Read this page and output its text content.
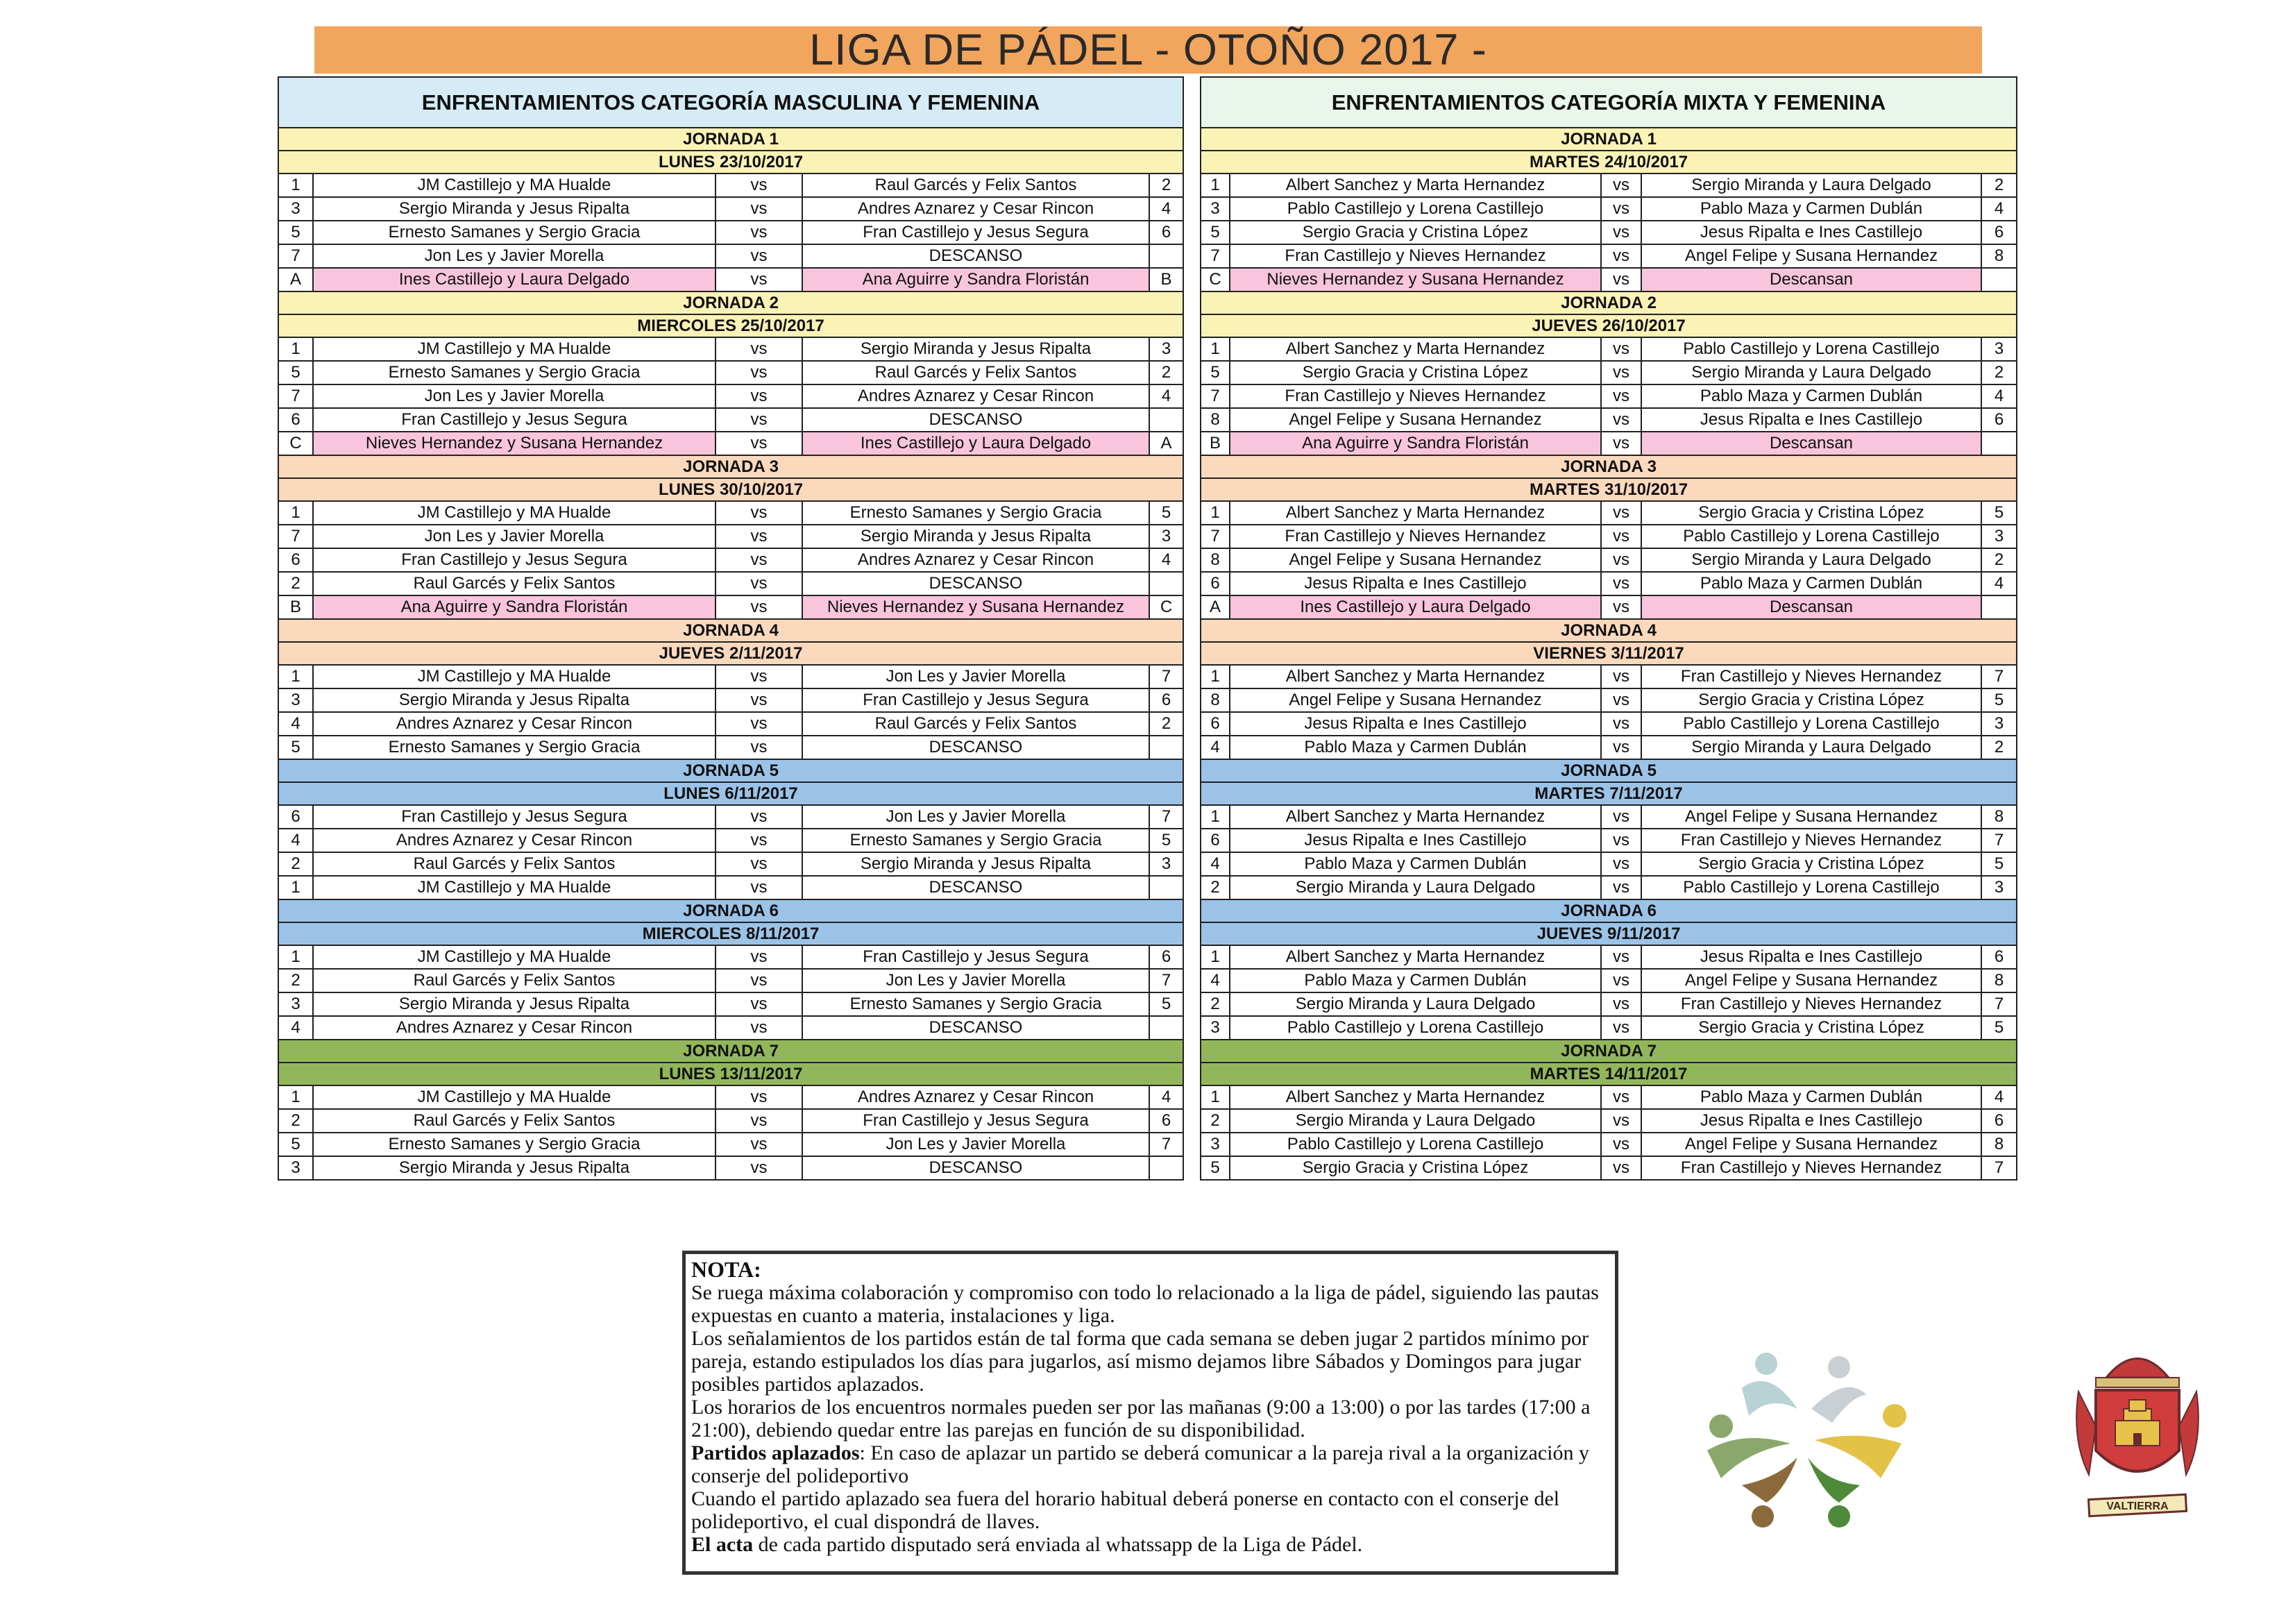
LIGA DE PÁDEL - OTOÑO 2017 -
ENFRENTAMIENTOS CATEGORÍA MASCULINA Y FEMENINA				
JORNADA 1				
LUNES 23/10/2017				
1	JM Castillejo y MA Hualde	vs	Raul Garcés y Felix Santos	2
3	Sergio Miranda y Jesus Ripalta	vs	Andres Aznarez y Cesar Rincon	4
5	Ernesto Samanes y Sergio Gracia	vs	Fran Castillejo y Jesus Segura	6
7	Jon Les y Javier Morella	vs	DESCANSO	
A	Ines Castillejo y Laura Delgado	vs	Ana Aguirre y Sandra Floristán	B
JORNADA 2				
MIERCOLES 25/10/2017				
1	JM Castillejo y MA Hualde	vs	Sergio Miranda y Jesus Ripalta	3
5	Ernesto Samanes y Sergio Gracia	vs	Raul Garcés y Felix Santos	2
7	Jon Les y Javier Morella	vs	Andres Aznarez y Cesar Rincon	4
6	Fran Castillejo y Jesus Segura	vs	DESCANSO	
C	Nieves Hernandez y Susana Hernandez	vs	Ines Castillejo y Laura Delgado	A
JORNADA 3				
LUNES 30/10/2017				
1	JM Castillejo y MA Hualde	vs	Ernesto Samanes y Sergio Gracia	5
7	Jon Les y Javier Morella	vs	Sergio Miranda y Jesus Ripalta	3
6	Fran Castillejo y Jesus Segura	vs	Andres Aznarez y Cesar Rincon	4
2	Raul Garcés y Felix Santos	vs	DESCANSO	
B	Ana Aguirre y Sandra Floristán	vs	Nieves Hernandez y Susana Hernandez	C
JORNADA 4				
JUEVES 2/11/2017				
1	JM Castillejo y MA Hualde	vs	Jon Les y Javier Morella	7
3	Sergio Miranda y Jesus Ripalta	vs	Fran Castillejo y Jesus Segura	6
4	Andres Aznarez y Cesar Rincon	vs	Raul Garcés y Felix Santos	2
5	Ernesto Samanes y Sergio Gracia	vs	DESCANSO	
JORNADA 5				
LUNES 6/11/2017				
6	Fran Castillejo y Jesus Segura	vs	Jon Les y Javier Morella	7
4	Andres Aznarez y Cesar Rincon	vs	Ernesto Samanes y Sergio Gracia	5
2	Raul Garcés y Felix Santos	vs	Sergio Miranda y Jesus Ripalta	3
1	JM Castillejo y MA Hualde	vs	DESCANSO	
JORNADA 6				
MIERCOLES 8/11/2017				
1	JM Castillejo y MA Hualde	vs	Fran Castillejo y Jesus Segura	6
2	Raul Garcés y Felix Santos	vs	Jon Les y Javier Morella	7
3	Sergio Miranda y Jesus Ripalta	vs	Ernesto Samanes y Sergio Gracia	5
4	Andres Aznarez y Cesar Rincon	vs	DESCANSO	
JORNADA 7				
LUNES 13/11/2017				
1	JM Castillejo y MA Hualde	vs	Andres Aznarez y Cesar Rincon	4
2	Raul Garcés y Felix Santos	vs	Fran Castillejo y Jesus Segura	6
5	Ernesto Samanes y Sergio Gracia	vs	Jon Les y Javier Morella	7
3	Sergio Miranda y Jesus Ripalta	vs	DESCANSO	
ENFRENTAMIENTOS CATEGORÍA MIXTA Y FEMENINA				
JORNADA 1				
MARTES 24/10/2017				
1	Albert Sanchez y Marta Hernandez	vs	Sergio Miranda y Laura Delgado	2
3	Pablo Castillejo y Lorena Castillejo	vs	Pablo Maza y Carmen Dublán	4
5	Sergio Gracia y Cristina López	vs	Jesus Ripalta e Ines Castillejo	6
7	Fran Castillejo y Nieves Hernandez	vs	Angel Felipe y Susana Hernandez	8
C	Nieves Hernandez y Susana Hernandez	vs	Descansan	
JORNADA 2				
JUEVES 26/10/2017				
1	Albert Sanchez y Marta Hernandez	vs	Pablo Castillejo y Lorena Castillejo	3
5	Sergio Gracia y Cristina López	vs	Sergio Miranda y Laura Delgado	2
7	Fran Castillejo y Nieves Hernandez	vs	Pablo Maza y Carmen Dublán	4
8	Angel Felipe y Susana Hernandez	vs	Jesus Ripalta e Ines Castillejo	6
B	Ana Aguirre y Sandra Floristán	vs	Descansan	
JORNADA 3				
MARTES 31/10/2017				
1	Albert Sanchez y Marta Hernandez	vs	Sergio Gracia y Cristina López	5
7	Fran Castillejo y Nieves Hernandez	vs	Pablo Castillejo y Lorena Castillejo	3
8	Angel Felipe y Susana Hernandez	vs	Sergio Miranda y Laura Delgado	2
6	Jesus Ripalta e Ines Castillejo	vs	Pablo Maza y Carmen Dublán	4
A	Ines Castillejo y Laura Delgado	vs	Descansan	
JORNADA 4				
VIERNES 3/11/2017				
1	Albert Sanchez y Marta Hernandez	vs	Fran Castillejo y Nieves Hernandez	7
8	Angel Felipe y Susana Hernandez	vs	Sergio Gracia y Cristina López	5
6	Jesus Ripalta e Ines Castillejo	vs	Pablo Castillejo y Lorena Castillejo	3
4	Pablo Maza y Carmen Dublán	vs	Sergio Miranda y Laura Delgado	2
JORNADA 5				
MARTES 7/11/2017				
1	Albert Sanchez y Marta Hernandez	vs	Angel Felipe y Susana Hernandez	8
6	Jesus Ripalta e Ines Castillejo	vs	Fran Castillejo y Nieves Hernandez	7
4	Pablo Maza y Carmen Dublán	vs	Sergio Gracia y Cristina López	5
2	Sergio Miranda y Laura Delgado	vs	Pablo Castillejo y Lorena Castillejo	3
JORNADA 6				
JUEVES 9/11/2017				
1	Albert Sanchez y Marta Hernandez	vs	Jesus Ripalta e Ines Castillejo	6
4	Pablo Maza y Carmen Dublán	vs	Angel Felipe y Susana Hernandez	8
2	Sergio Miranda y Laura Delgado	vs	Fran Castillejo y Nieves Hernandez	7
3	Pablo Castillejo y Lorena Castillejo	vs	Sergio Gracia y Cristina López	5
JORNADA 7				
MARTES 14/11/2017				
1	Albert Sanchez y Marta Hernandez	vs	Pablo Maza y Carmen Dublán	4
2	Sergio Miranda y Laura Delgado	vs	Jesus Ripalta e Ines Castillejo	6
3	Pablo Castillejo y Lorena Castillejo	vs	Angel Felipe y Susana Hernandez	8
5	Sergio Gracia y Cristina López	vs	Fran Castillejo y Nieves Hernandez	7

NOTA:

Se ruega máxima colaboración y compromiso con todo lo relacionado a la liga de pádel, siguiendo las pautas expuestas en cuanto a materia, instalaciones y liga.

Los señalamientos de los partidos están de tal forma que cada semana se deben jugar 2 partidos mínimo por pareja, estando estipulados los días para jugarlos, así mismo dejamos libre Sábados y Domingos para jugar posibles partidos aplazados.

Los horarios de los encuentros normales pueden ser por las mañanas (9:00 a 13:00) o por las tardes (17:00 a 21:00), debiendo quedar entre las parejas en función de su disponibilidad.

Partidos aplazados: En caso de aplazar un partido se deberá comunicar a la pareja rival a la organización y conserje del polideportivo

Cuando el partido aplazado sea fuera del horario habitual deberá ponerse en contacto con el conserje del polideportivo, el cual dispondrá de llaves.

El acta de cada partido disputado será enviada al whatssapp de la Liga de Pádel.

VALTIERRA
